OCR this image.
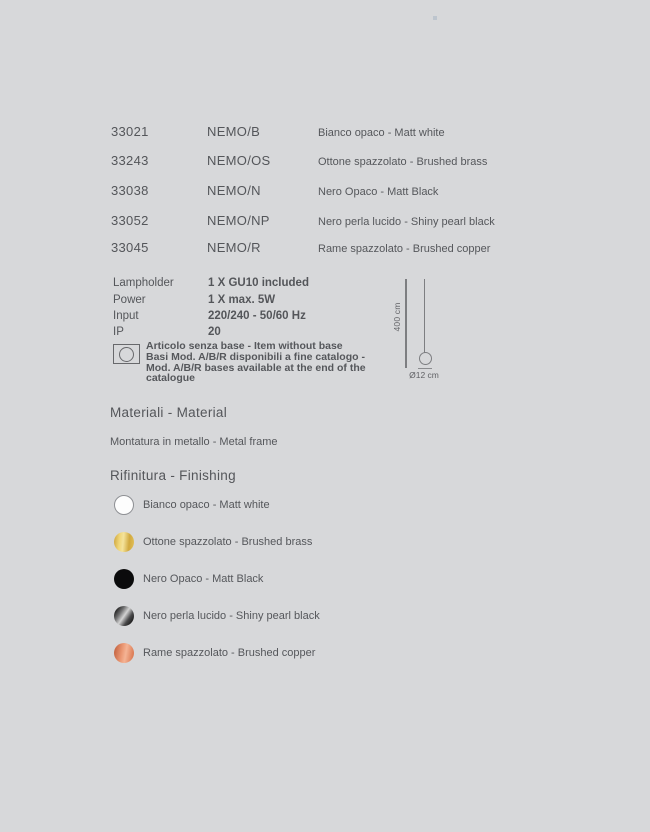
33021	NEMO/B	Bianco opaco - Matt white
33243	NEMO/OS	Ottone spazzolato - Brushed brass
33038	NEMO/N	Nero Opaco - Matt Black
33052	NEMO/NP	Nero perla lucido - Shiny pearl black
33045	NEMO/R	Rame spazzolato - Brushed copper
Lampholder	1 X GU10 included
Power	1 X max. 5W
Input	220/240 - 50/60 Hz
IP	20
Articolo senza base - Item without base
Basi Mod. A/B/R disponibili a fine catalogo -
Mod. A/B/R bases available at the end of the
catalogue
400 cm
Ø12 cm
Materiali - Material
Montatura in metallo - Metal frame
Rifinitura - Finishing
Bianco opaco - Matt white
Ottone spazzolato - Brushed brass
Nero Opaco - Matt Black
Nero perla lucido - Shiny pearl black
Rame spazzolato - Brushed copper
